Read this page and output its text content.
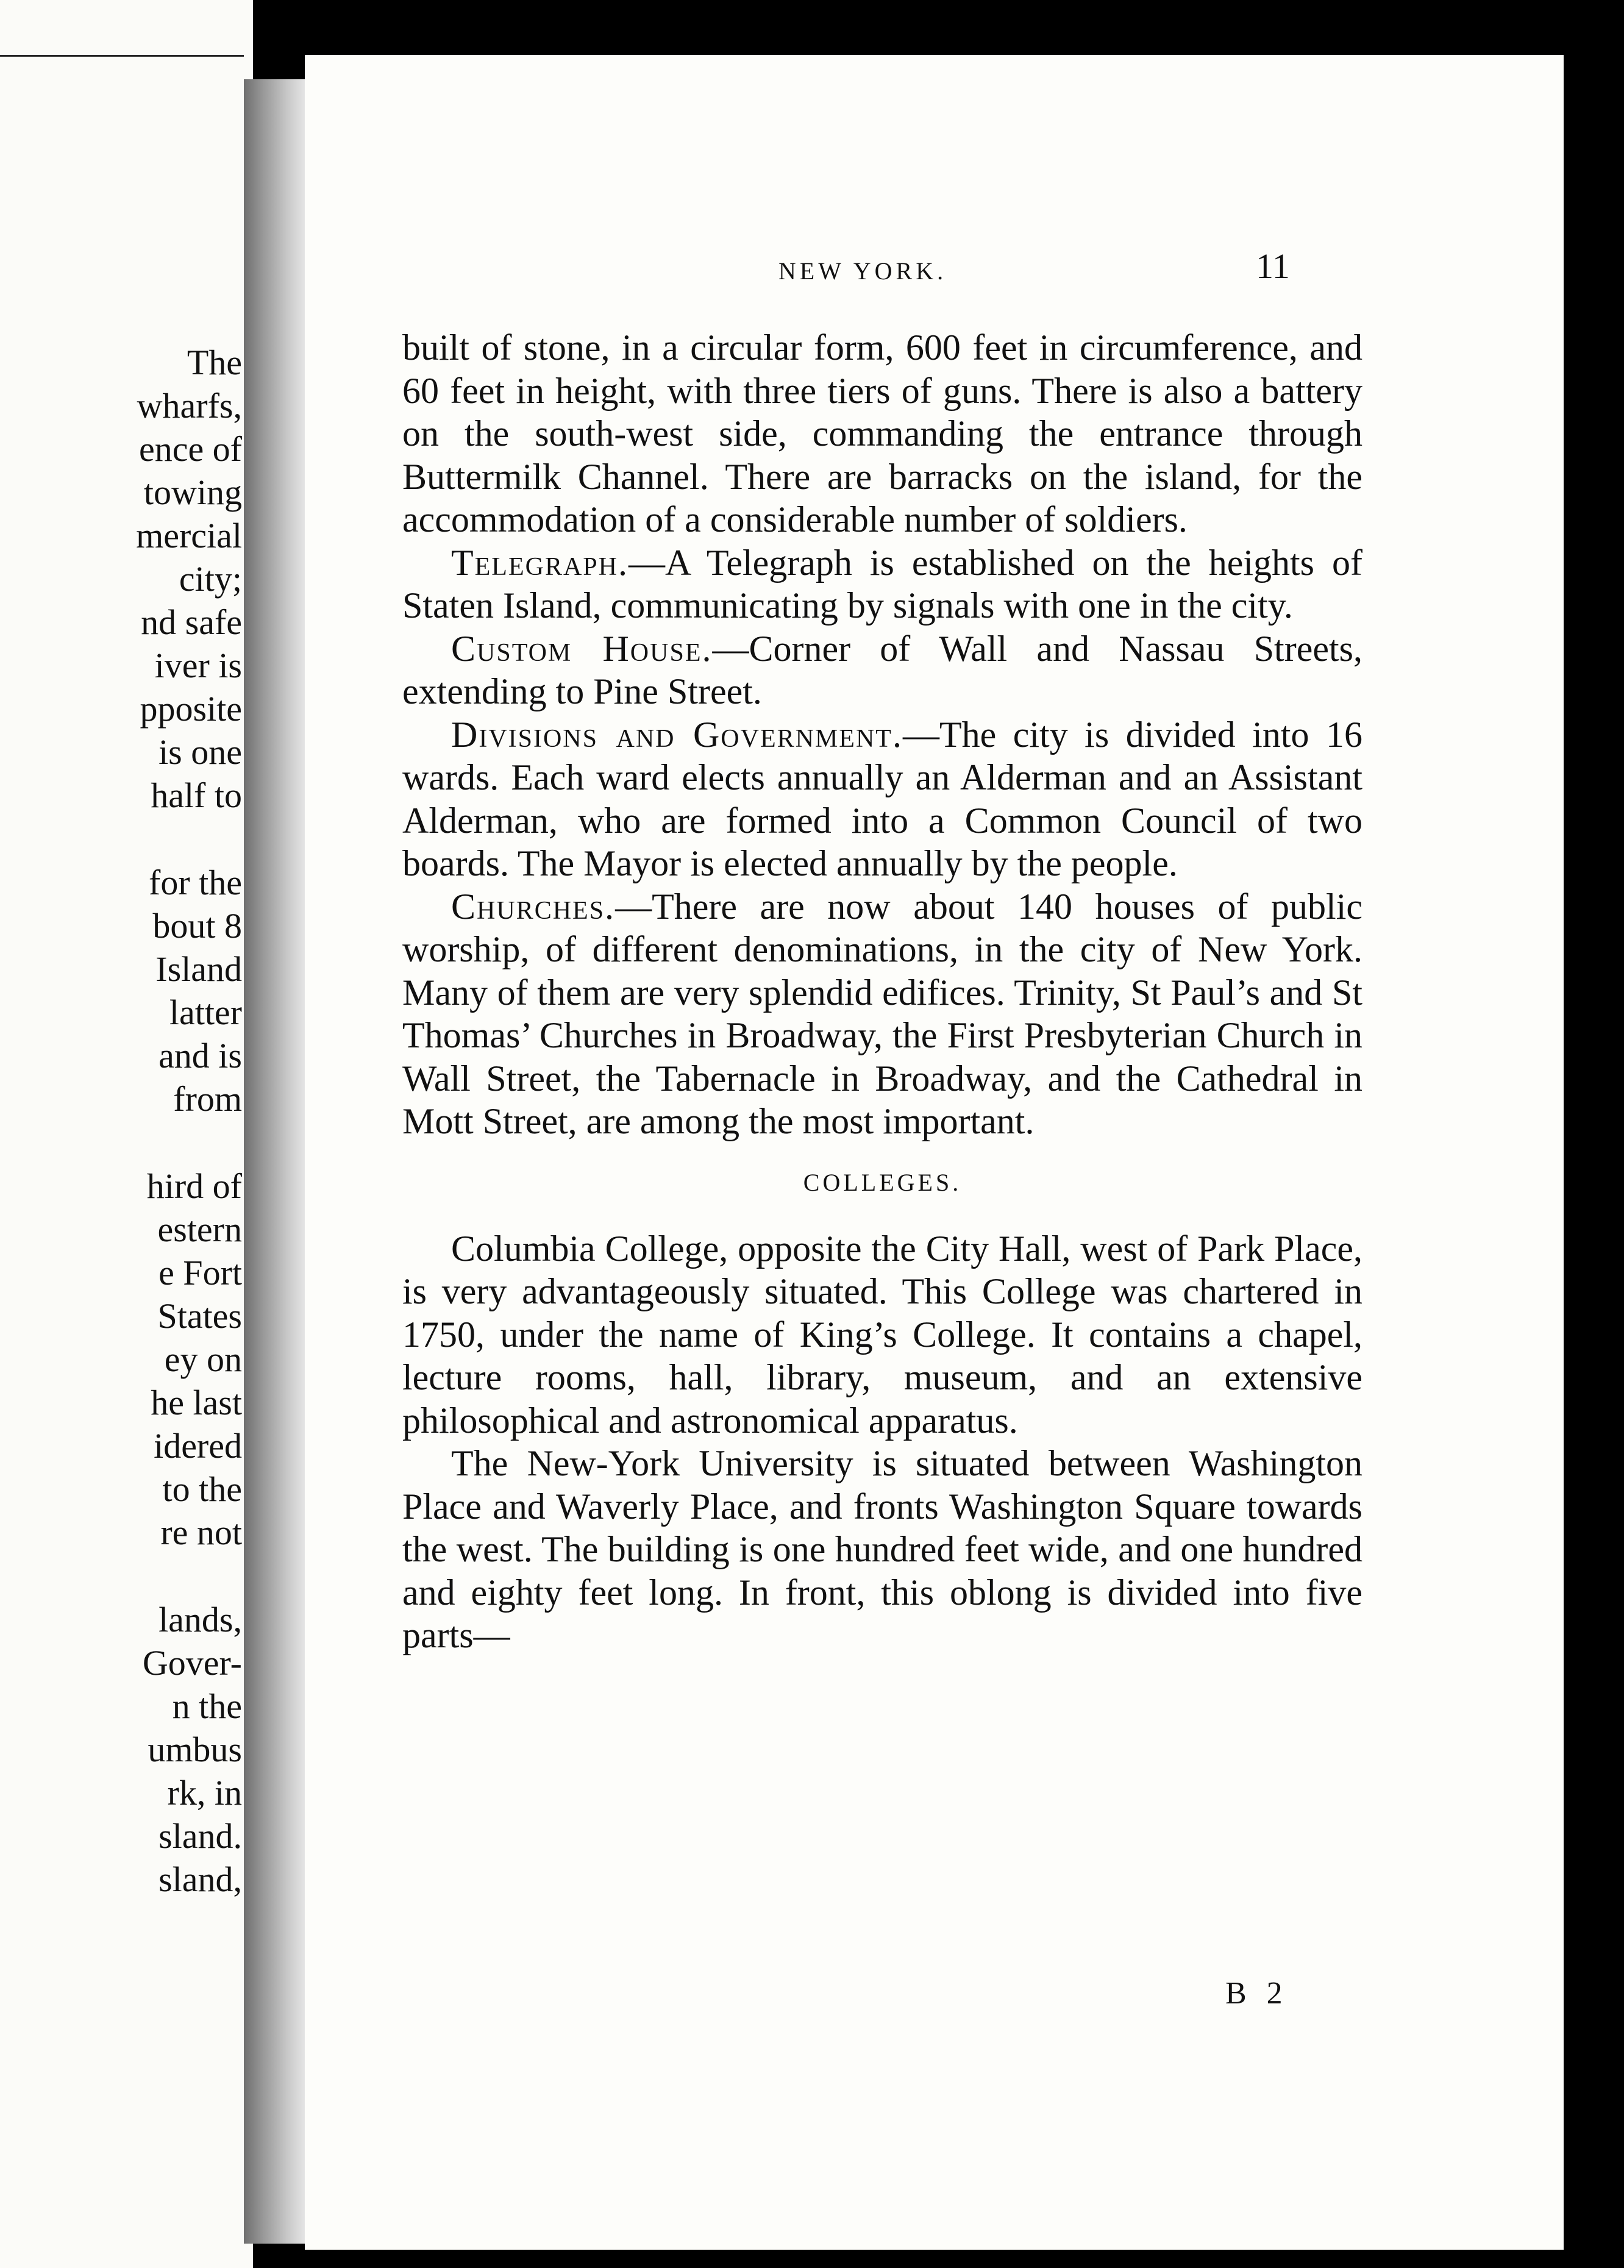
The
wharfs,
ence of
towing
mercial
city;
nd safe
iver is
pposite
is one
half to
for the
bout 8
Island
latter
and is
from
hird of
estern
e Fort
States
ey on
he last
idered
to the
re not
lands,
Gover-
n the
umbus
rk, in
sland.
sland,
NEW YORK.	11

built of stone, in a circular form, 600 feet in circumference, and 60 feet in height, with three tiers of guns. There is also a battery on the south-west side, commanding the entrance through Buttermilk Channel. There are barracks on the island, for the accommodation of a considerable number of soldiers.

Telegraph.—A Telegraph is established on the heights of Staten Island, communicating by signals with one in the city.

Custom House.—Corner of Wall and Nassau Streets, extending to Pine Street.

Divisions and Government.—The city is divided into 16 wards. Each ward elects annually an Alderman and an Assistant Alderman, who are formed into a Common Council of two boards. The Mayor is elected annually by the people.

Churches.—There are now about 140 houses of public worship, of different denominations, in the city of New York. Many of them are very splendid edifices. Trinity, St Paul’s and St Thomas’ Churches in Broadway, the First Presbyterian Church in Wall Street, the Tabernacle in Broadway, and the Cathedral in Mott Street, are among the most important.

COLLEGES.

Columbia College, opposite the City Hall, west of Park Place, is very advantageously situated. This College was chartered in 1750, under the name of King’s College. It contains a chapel, lecture rooms, hall, library, museum, and an extensive philosophical and astronomical apparatus.

The New-York University is situated between Washington Place and Waverly Place, and fronts Washington Square towards the west. The building is one hundred feet wide, and one hundred and eighty feet long. In front, this oblong is divided into five parts—

B 2
